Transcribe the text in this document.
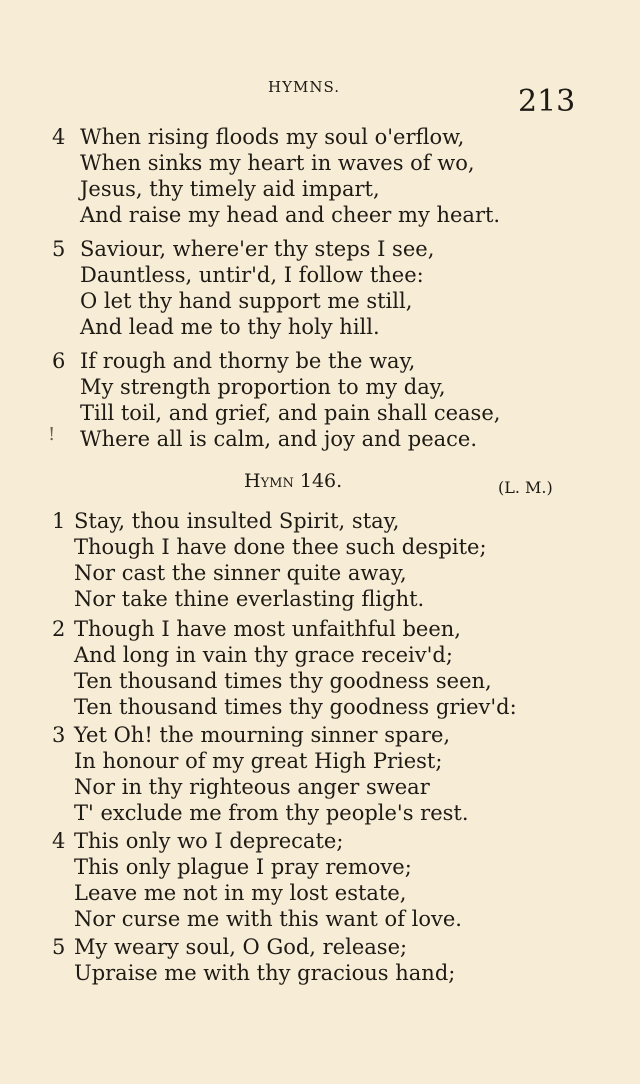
HYMNS.	213
4 When rising floods my soul o'erflow,
When sinks my heart in waves of wo,
Jesus, thy timely aid impart,
And raise my head and cheer my heart.
5 Saviour, where'er thy steps I see,
Dauntless, untir'd, I follow thee:
O let thy hand support me still,
And lead me to thy holy hill.
6 If rough and thorny be the way,
My strength proportion to my day,
Till toil, and grief, and pain shall cease,
Where all is calm, and joy and peace.
!
Hymn 146.	(L. M.)
1 Stay, thou insulted Spirit, stay,
Though I have done thee such despite;
Nor cast the sinner quite away,
Nor take thine everlasting flight.
2 Though I have most unfaithful been,
And long in vain thy grace receiv'd;
Ten thousand times thy goodness seen,
Ten thousand times thy goodness griev'd:
3 Yet Oh! the mourning sinner spare,
In honour of my great High Priest;
Nor in thy righteous anger swear
T' exclude me from thy people's rest.
4 This only wo I deprecate;
This only plague I pray remove;
Leave me not in my lost estate,
Nor curse me with this want of love.
5 My weary soul, O God, release;
Upraise me with thy gracious hand;
